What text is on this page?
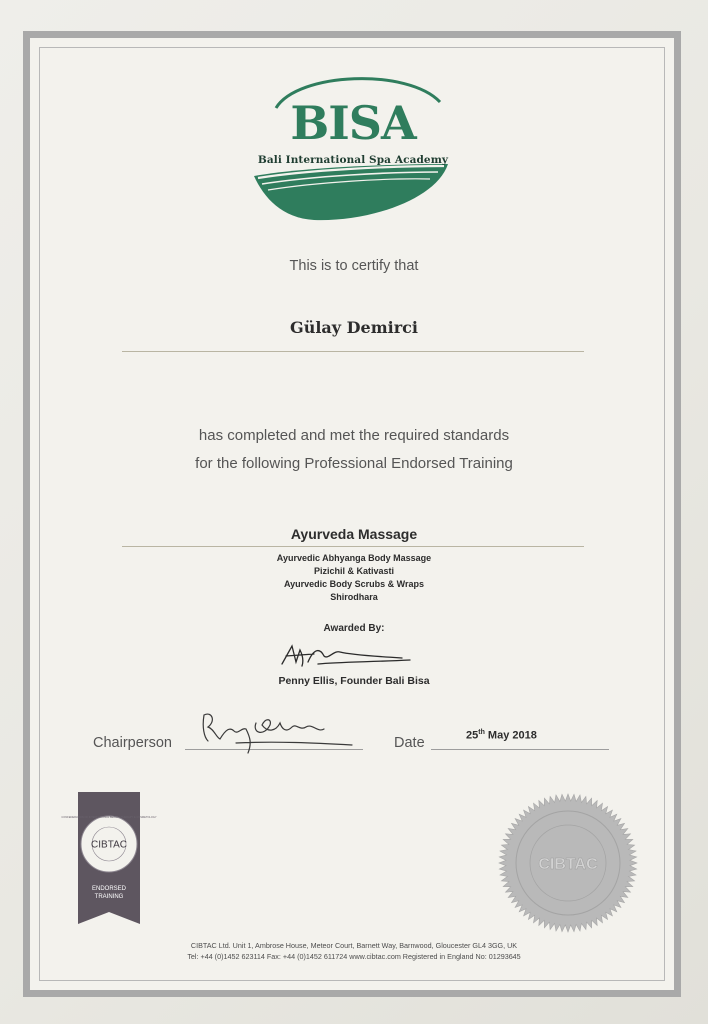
BISA
Bali International Spa Academy
This is to certify that
Gülay Demirci
has completed and met the required standards
for the following Professional Endorsed Training
Ayurveda Massage
Ayurvedic Abhyanga Body Massage
Pizichil & Kativasti
Ayurvedic Body Scrubs & Wraps
Shirodhara
Awarded By:
Penny Ellis, Founder Bali Bisa
Chairperson	Date	25th May 2018
CIBTAC
CONFEDERATION OF INTERNATIONAL BEAUTY THERAPY & COSMETOLOGY
ENDORSED
TRAINING
CIBTAC
CIBTAC Ltd. Unit 1, Ambrose House, Meteor Court, Barnett Way, Barnwood, Gloucester GL4 3GG, UK
Tel: +44 (0)1452 623114 Fax: +44 (0)1452 611724 www.cibtac.com Registered in England No: 01293645
